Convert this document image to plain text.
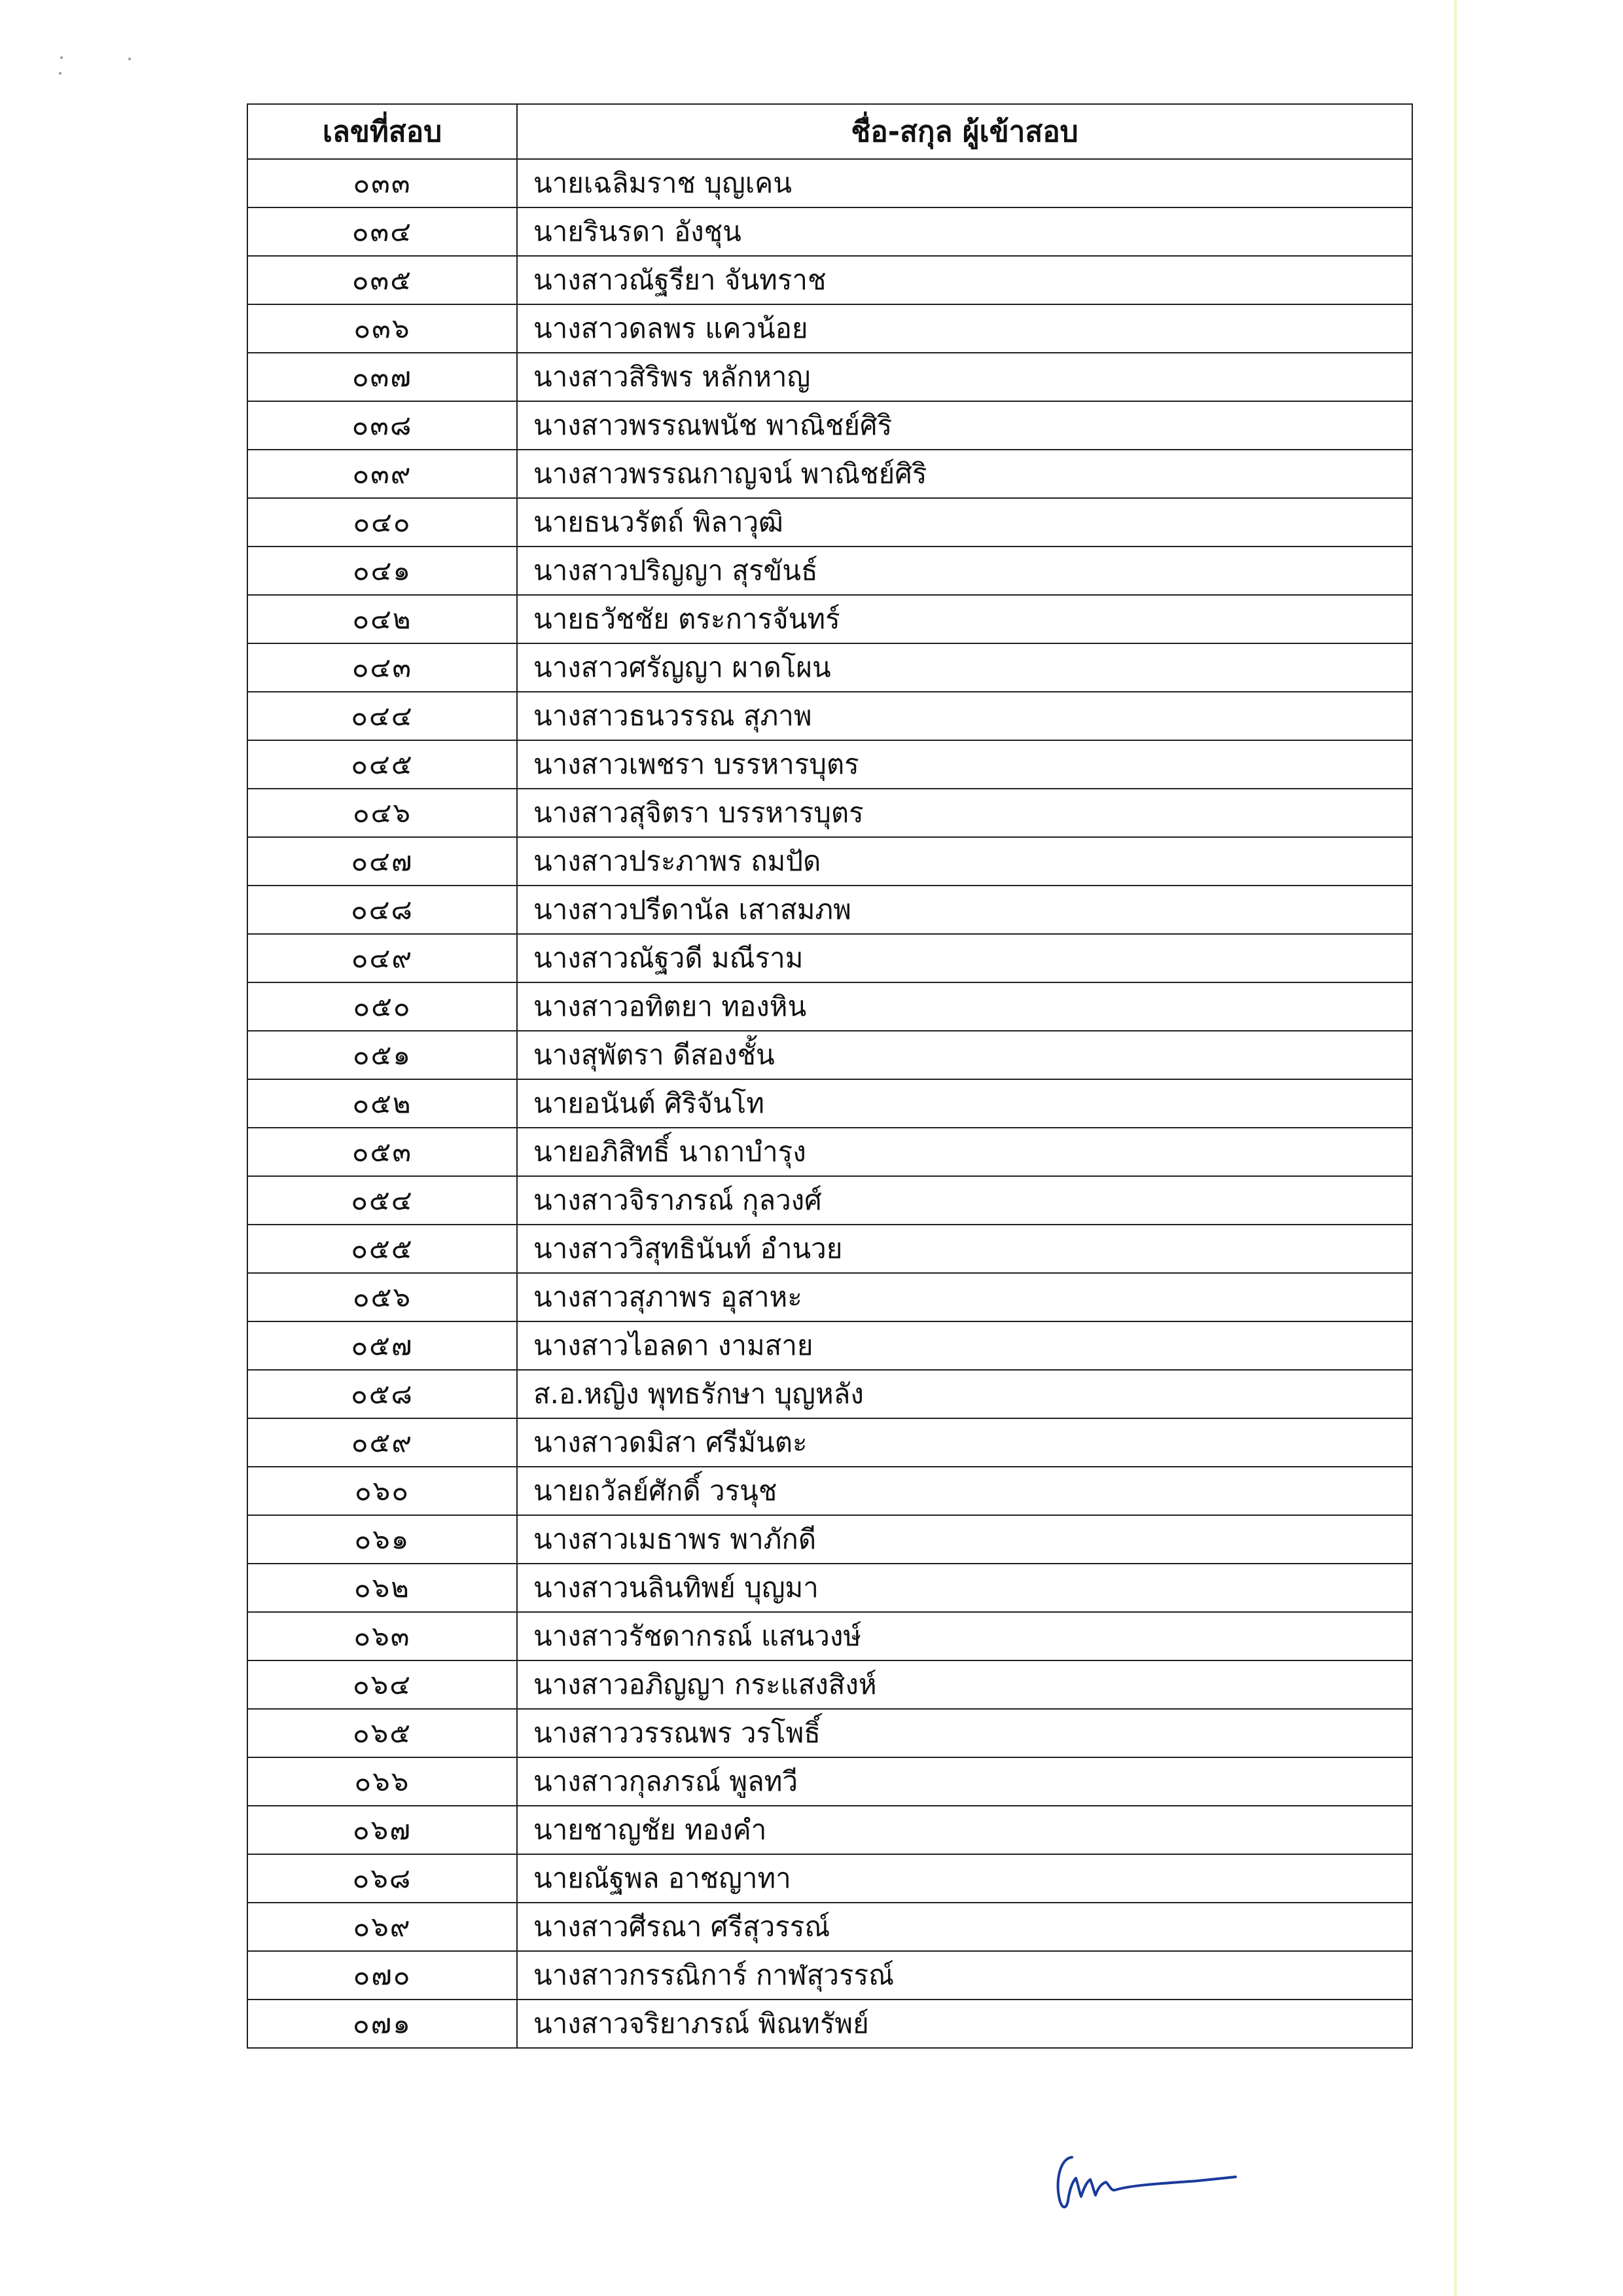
เลขที่สอบ	ชื่อ-สกุล ผู้เข้าสอบ
๐๓๓	นายเฉลิมราช บุญเคน
๐๓๔	นายรินรดา อังชุน
๐๓๕	นางสาวณัฐรียา จันทราช
๐๓๖	นางสาวดลพร แควน้อย
๐๓๗	นางสาวสิริพร หลักหาญ
๐๓๘	นางสาวพรรณพนัช พาณิชย์ศิริ
๐๓๙	นางสาวพรรณกาญจน์ พาณิชย์ศิริ
๐๔๐	นายธนวรัตถ์ พิลาวุฒิ
๐๔๑	นางสาวปริญญา สุรขันธ์
๐๔๒	นายธวัชชัย ตระการจันทร์
๐๔๓	นางสาวศรัญญา ผาดโผน
๐๔๔	นางสาวธนวรรณ สุภาพ
๐๔๕	นางสาวเพชรา บรรหารบุตร
๐๔๖	นางสาวสุจิตรา บรรหารบุตร
๐๔๗	นางสาวประภาพร ถมปัด
๐๔๘	นางสาวปรีดานัล เสาสมภพ
๐๔๙	นางสาวณัฐวดี มณีราม
๐๕๐	นางสาวอทิตยา ทองหิน
๐๕๑	นางสุพัตรา ดีสองชั้น
๐๕๒	นายอนันต์ ศิริจันโท
๐๕๓	นายอภิสิทธิ์ นาถาบำรุง
๐๕๔	นางสาวจิราภรณ์ กุลวงศ์
๐๕๕	นางสาววิสุทธินันท์ อำนวย
๐๕๖	นางสาวสุภาพร อุสาหะ
๐๕๗	นางสาวไอลดา งามสาย
๐๕๘	ส.อ.หญิง พุทธรักษา บุญหลัง
๐๕๙	นางสาวดมิสา ศรีมันตะ
๐๖๐	นายถวัลย์ศักดิ์ วรนุช
๐๖๑	นางสาวเมธาพร พาภักดี
๐๖๒	นางสาวนลินทิพย์ บุญมา
๐๖๓	นางสาวรัชดากรณ์ แสนวงษ์
๐๖๔	นางสาวอภิญญา กระแสงสิงห์
๐๖๕	นางสาววรรณพร วรโพธิ์
๐๖๖	นางสาวกุลภรณ์ พูลทวี
๐๖๗	นายชาญชัย ทองคำ
๐๖๘	นายณัฐพล อาชญาทา
๐๖๙	นางสาวศีรณา ศรีสุวรรณ์
๐๗๐	นางสาวกรรณิการ์ กาฬสุวรรณ์
๐๗๑	นางสาวจริยาภรณ์ พิณทรัพย์
